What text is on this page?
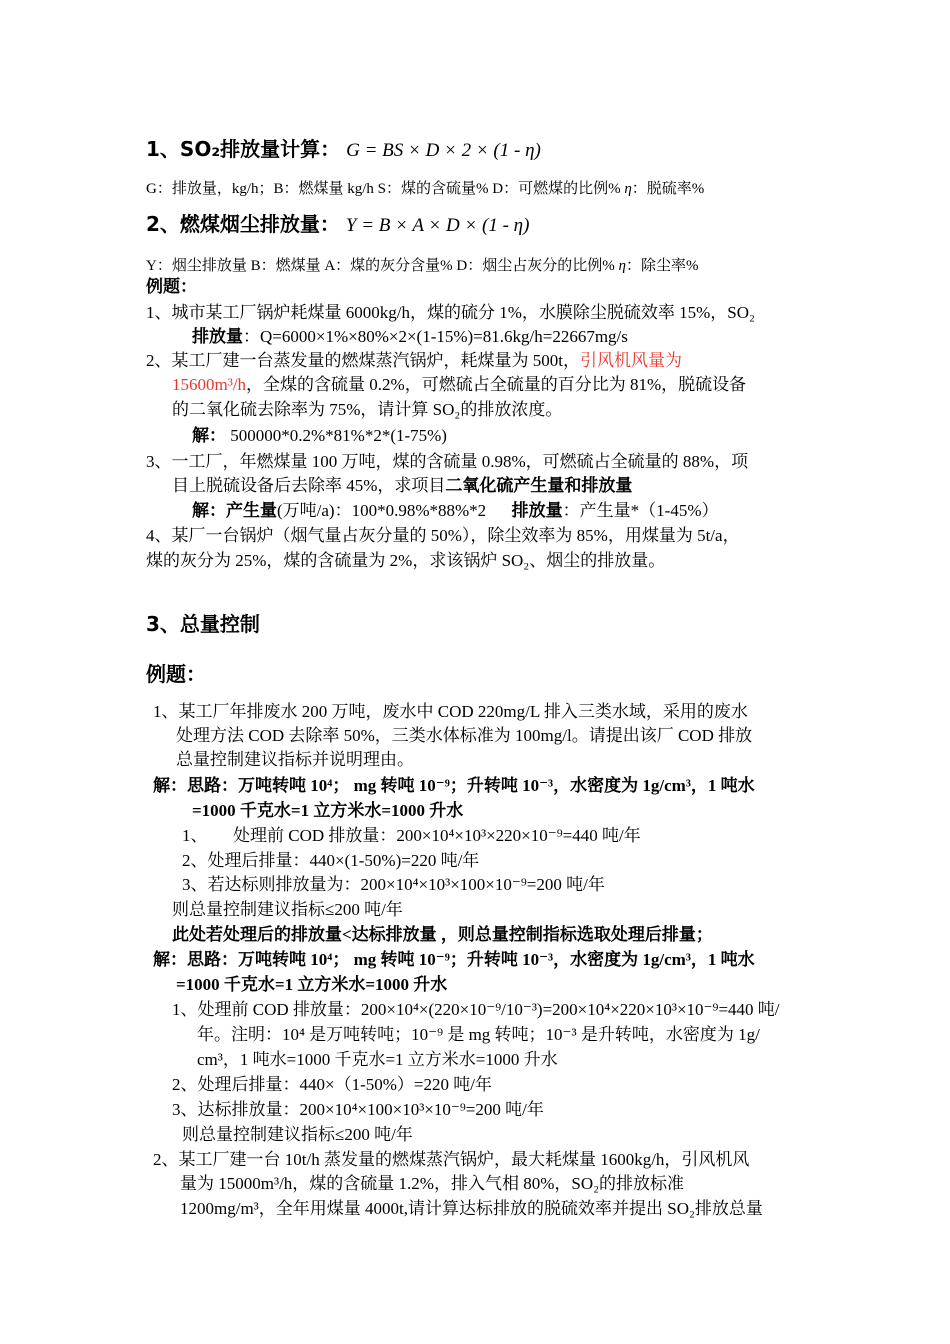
1、SO₂排放量计算： G = BS × D × 2 × (1 - η)
G：排放量，kg/h；B：燃煤量 kg/h S：煤的含硫量% D：可燃煤的比例% η：脱硫率%
2、燃煤烟尘排放量： Y = B × A × D × (1 - η)
Y：烟尘排放量 B：燃煤量 A：煤的灰分含量% D：烟尘占灰分的比例% η：除尘率%
例题：
1、城市某工厂锅炉耗煤量 6000kg/h，煤的硫分 1%，水膜除尘脱硫效率 15%，SO₂
排放量：Q=6000×1%×80%×2×(1-15%)=81.6kg/h=22667mg/s
2、某工厂建一台蒸发量的燃煤蒸汽锅炉，耗煤量为 500t，引风机风量为
15600m³/h，全煤的含硫量 0.2%，可燃硫占全硫量的百分比为 81%，脱硫设备
的二氧化硫去除率为 75%，请计算 SO₂的排放浓度。
解： 500000*0.2%*81%*2*(1-75%)
3、一工厂，年燃煤量 100 万吨，煤的含硫量 0.98%，可燃硫占全硫量的 88%，项
目上脱硫设备后去除率 45%，求项目二氧化硫产生量和排放量
解：产生量(万吨/a)：100*0.98%*88%*2      排放量：产生量*（1-45%）
4、某厂一台锅炉（烟气量占灰分量的 50%），除尘效率为 85%，用煤量为 5t/a，
煤的灰分为 25%，煤的含硫量为 2%，求该锅炉 SO₂、烟尘的排放量。
3、总量控制
例题：
1、某工厂年排废水 200 万吨，废水中 COD 220mg/L 排入三类水域，采用的废水
处理方法 COD 去除率 50%，三类水体标准为 100mg/l。请提出该厂 COD 排放
总量控制建议指标并说明理由。
解：思路：万吨转吨 10⁴； mg 转吨 10⁻⁹；升转吨 10⁻³，水密度为 1g/cm³，1 吨水
=1000 千克水=1 立方米水=1000 升水
1、      处理前 COD 排放量：200×10⁴×10³×220×10⁻⁹=440 吨/年
2、处理后排量：440×(1-50%)=220 吨/年
3、若达标则排放量为：200×10⁴×10³×100×10⁻⁹=200 吨/年
则总量控制建议指标≤200 吨/年
此处若处理后的排放量<达标排放量 ，则总量控制指标选取处理后排量；
解：思路：万吨转吨 10⁴； mg 转吨 10⁻⁹；升转吨 10⁻³，水密度为 1g/cm³，1 吨水
=1000 千克水=1 立方米水=1000 升水
1、处理前 COD 排放量：200×10⁴×(220×10⁻⁹/10⁻³)=200×10⁴×220×10³×10⁻⁹=440 吨/
年。注明：10⁴ 是万吨转吨；10⁻⁹ 是 mg 转吨；10⁻³ 是升转吨，水密度为 1g/
cm³，1 吨水=1000 千克水=1 立方米水=1000 升水
2、处理后排量：440×（1-50%）=220 吨/年
3、达标排放量：200×10⁴×100×10³×10⁻⁹=200 吨/年
则总量控制建议指标≤200 吨/年
2、某工厂建一台 10t/h 蒸发量的燃煤蒸汽锅炉，最大耗煤量 1600kg/h，引风机风
量为 15000m³/h，煤的含硫量 1.2%，排入气相 80%，SO₂的排放标准
1200mg/m³，全年用煤量 4000t,请计算达标排放的脱硫效率并提出 SO₂排放总量
